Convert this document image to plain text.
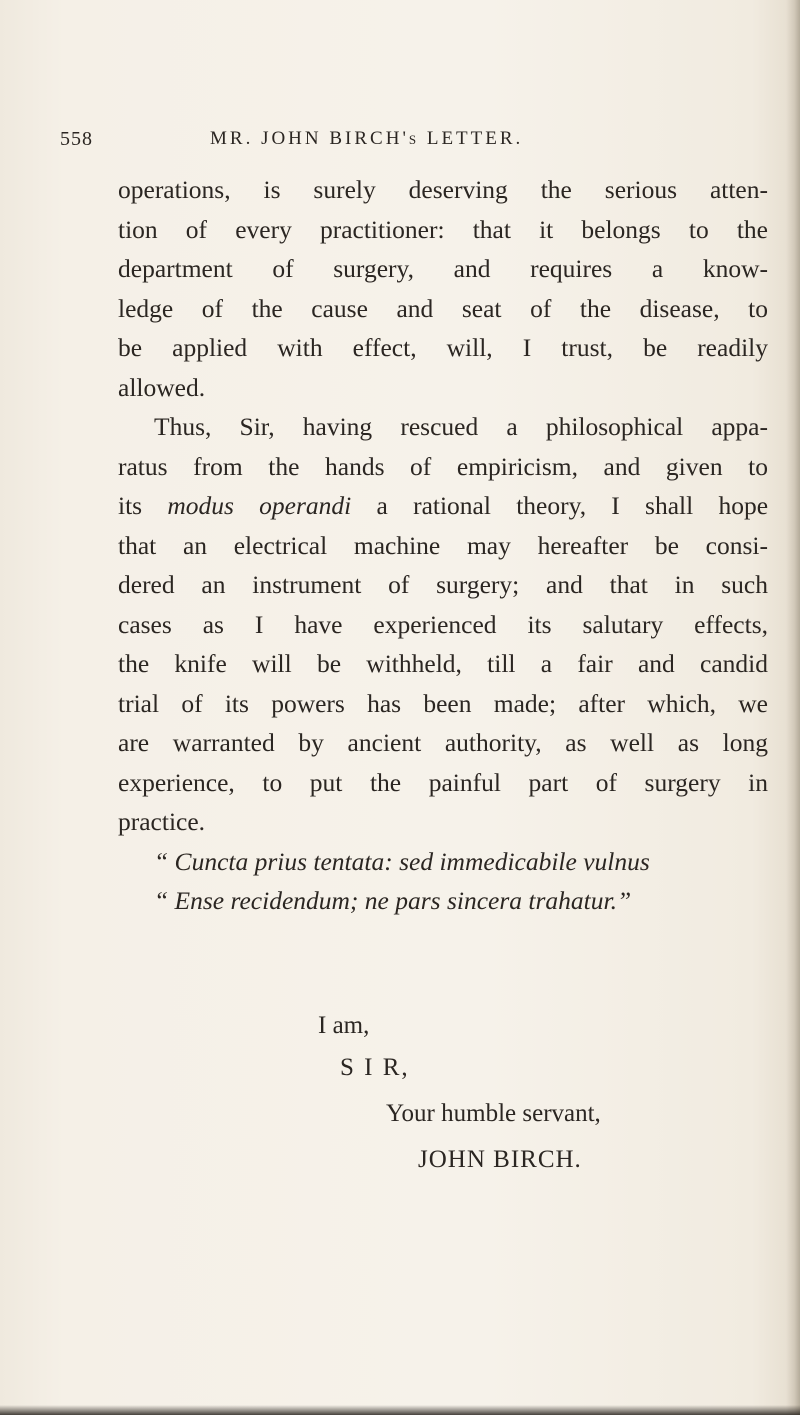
558	MR. JOHN BIRCH's LETTER.

operations, is surely deserving the serious atten-
tion of every practitioner: that it belongs to the
department of surgery, and requires a know-
ledge of the cause and seat of the disease, to
be applied with effect, will, I trust, be readily
allowed.

Thus, Sir, having rescued a philosophical appa-
ratus from the hands of empiricism, and given to
its modus operandi a rational theory, I shall hope
that an electrical machine may hereafter be consi-
dered an instrument of surgery; and that in such
cases as I have experienced its salutary effects,
the knife will be withheld, till a fair and candid
trial of its powers has been made; after which, we
are warranted by ancient authority, as well as long
experience, to put the painful part of surgery in
practice.

“ Cuncta prius tentata: sed immedicabile vulnus
“ Ense recidendum; ne pars sincera trahatur.”
I am,
S I R,
Your humble servant,
JOHN BIRCH.
